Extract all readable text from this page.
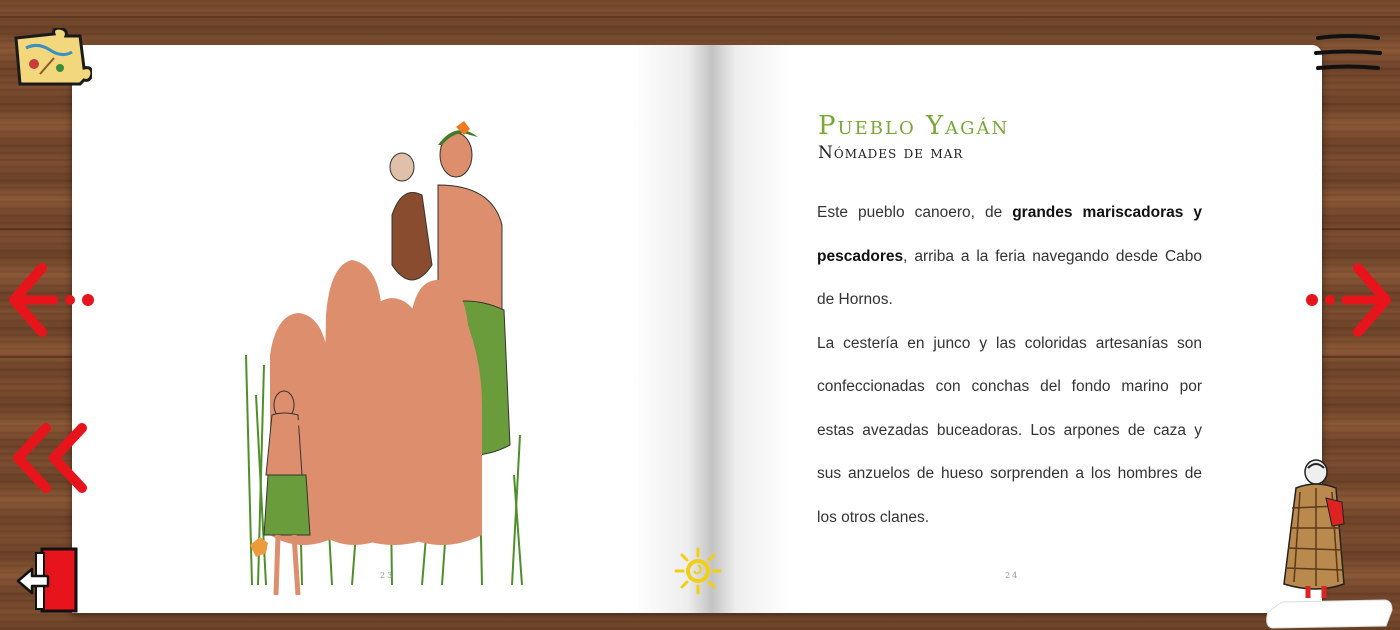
23
Pueblo Yagán
Nómades de mar

Este pueblo canoero, de grandes mariscadoras y pescadores, arriba a la feria navegando desde Cabo de Hornos.

La cestería en junco y las coloridas artesanías son confeccionadas con conchas del fondo marino por estas avezadas buceadoras. Los arpones de caza y sus anzuelos de hueso sorprenden a los hombres de los otros clanes.

24
